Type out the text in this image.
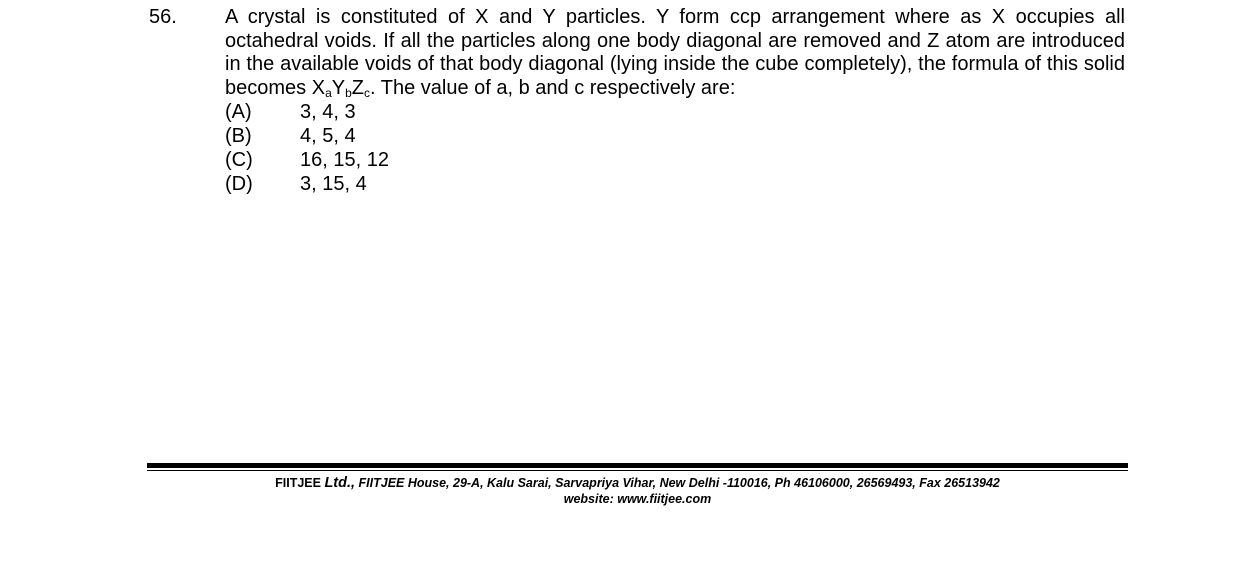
56. A crystal is constituted of X and Y particles. Y form ccp arrangement where as X occupies all octahedral voids. If all the particles along one body diagonal are removed and Z atom are introduced in the available voids of that body diagonal (lying inside the cube completely), the formula of this solid becomes $X_aY_bZ_c$. The value of a, b and c respectively are:
(A)	3, 4, 3
(B)	4, 5, 4
(C)	16, 15, 12
(D)	3, 15, 4
FIITJEE Ltd., FIITJEE House, 29-A, Kalu Sarai, Sarvapriya Vihar, New Delhi -110016, Ph 46106000, 26569493, Fax 26513942
website: www.fiitjee.com
